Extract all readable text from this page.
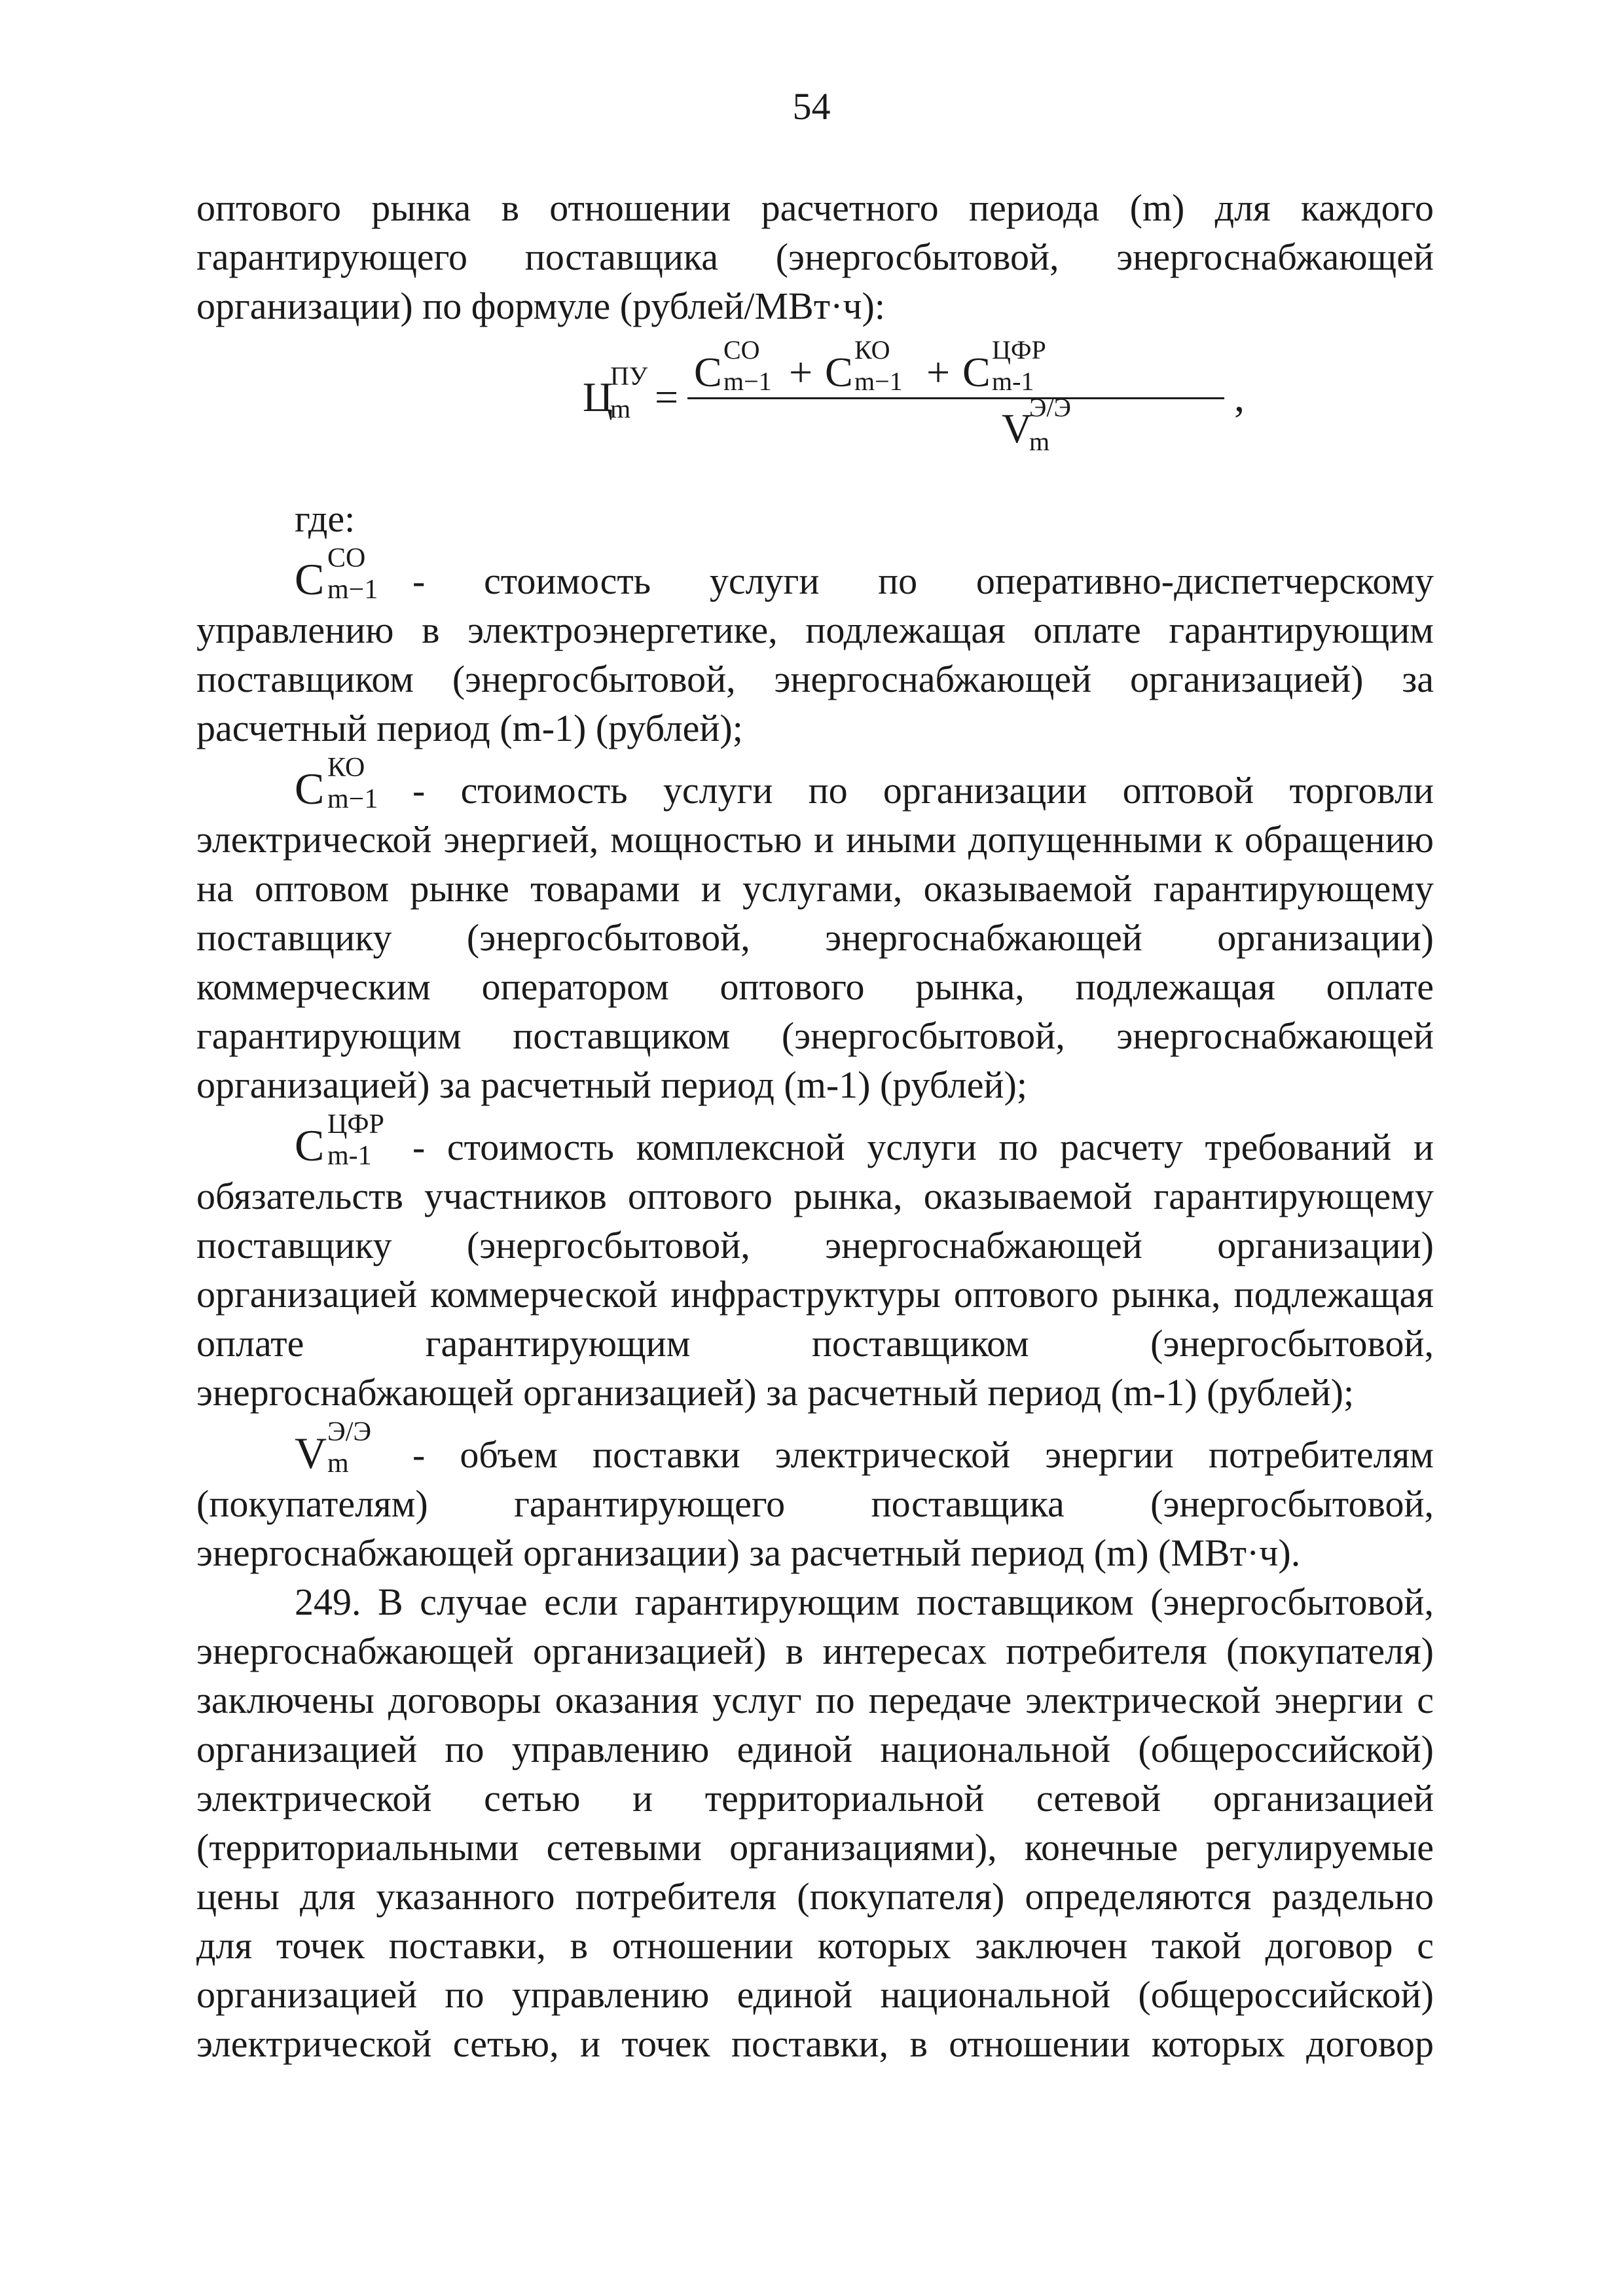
54

оптового рынка в отношении расчетного периода (m) для каждого

гарантирующего поставщика (энергосбытовой, энергоснабжающей

организации) по формуле (рублей/МВт·ч):

Ц
ПУ
m =
C СО
m−1 + C КО
m−1 + C ЦФР
m-1
V
Э/Э
m
,

где:

C СО
m−1 - стоимость услуги по оперативно-диспетчерскому

управлению в электроэнергетике, подлежащая оплате гарантирующим

поставщиком (энергосбытовой, энергоснабжающей организацией) за

расчетный период (m-1) (рублей);

C КО
m−1 - стоимость услуги по организации оптовой торговли

электрической энергией, мощностью и иными допущенными к обращению

на оптовом рынке товарами и услугами, оказываемой гарантирующему

поставщику (энергосбытовой, энергоснабжающей организации)

коммерческим оператором оптового рынка, подлежащая оплате

гарантирующим поставщиком (энергосбытовой, энергоснабжающей

организацией) за расчетный период (m-1) (рублей);

C ЦФР
m-1 - стоимость комплексной услуги по расчету требований и

обязательств участников оптового рынка, оказываемой гарантирующему

поставщику (энергосбытовой, энергоснабжающей организации)

организацией коммерческой инфраструктуры оптового рынка, подлежащая

оплате гарантирующим поставщиком (энергосбытовой,

энергоснабжающей организацией) за расчетный период (m-1) (рублей);

V Э/Э
m - объем поставки электрической энергии потребителям

(покупателям) гарантирующего поставщика (энергосбытовой,

энергоснабжающей организации) за расчетный период (m) (МВт·ч).

249. В случае если гарантирующим поставщиком (энергосбытовой,

энергоснабжающей организацией) в интересах потребителя (покупателя)

заключены договоры оказания услуг по передаче электрической энергии с

организацией по управлению единой национальной (общероссийской)

электрической сетью и территориальной сетевой организацией

(территориальными сетевыми организациями), конечные регулируемые

цены для указанного потребителя (покупателя) определяются раздельно

для точек поставки, в отношении которых заключен такой договор с

организацией по управлению единой национальной (общероссийской)

электрической сетью, и точек поставки, в отношении которых договор
